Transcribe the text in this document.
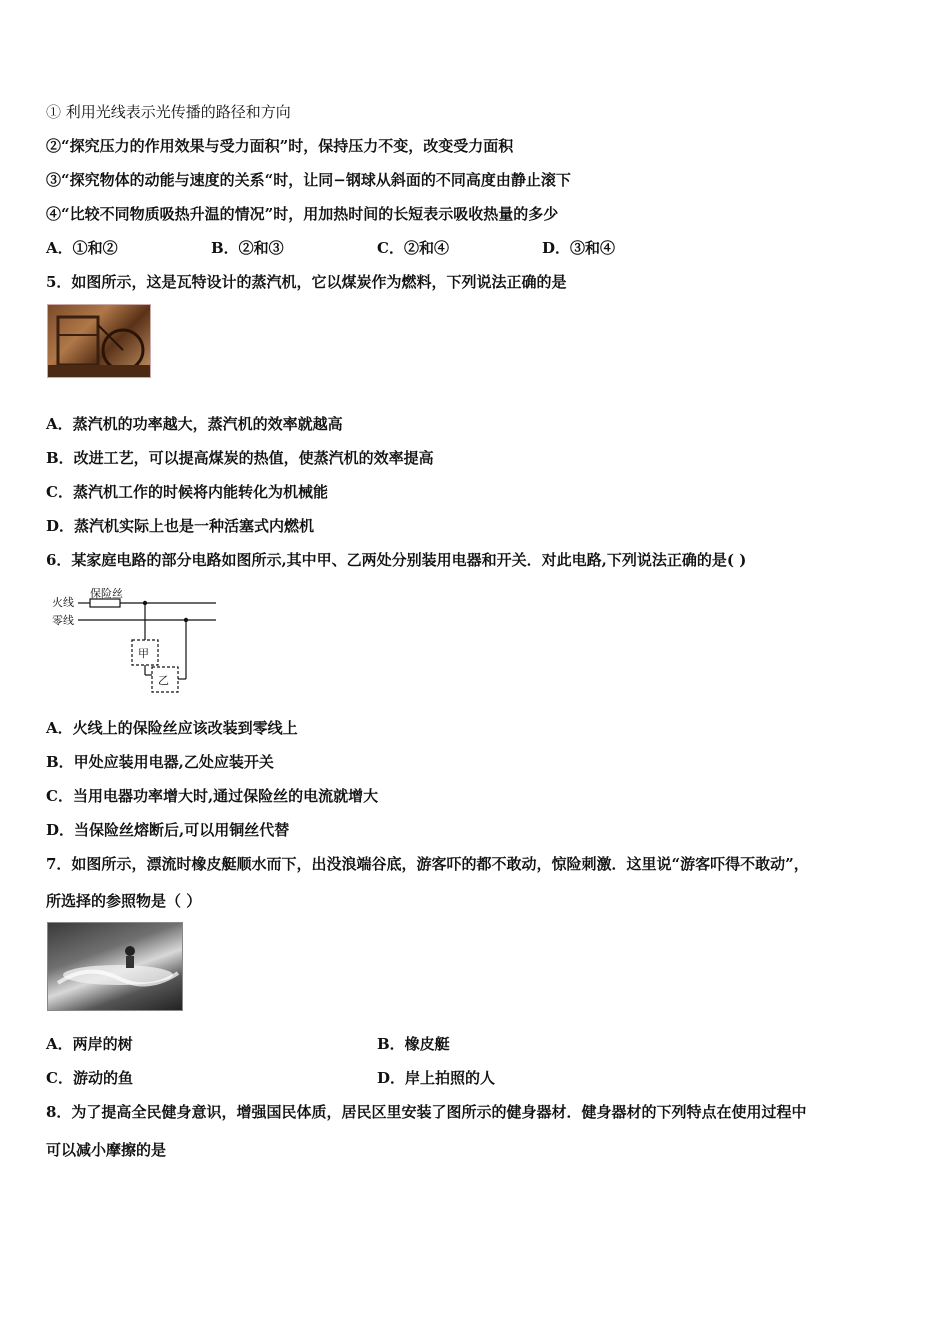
① 利用光线表示光传播的路径和方向
②“探究压力的作用效果与受力面积”时，保持压力不变，改变受力面积
③“探究物体的动能与速度的关系“时，让同−钢球从斜面的不同高度由静止滚下
④“比较不同物质吸热升温的情况”时，用加热时间的长短表示吸收热量的多少
A．①和②	B．②和③	C．②和④	D．③和④
5．如图所示，这是瓦特设计的蒸汽机，它以煤炭作为燃料，下列说法正确的是
A．蒸汽机的功率越大，蒸汽机的效率就越高
B．改进工艺，可以提高煤炭的热值，使蒸汽机的效率提高
C．蒸汽机工作的时候将内能转化为机械能
D．蒸汽机实际上也是一种活塞式内燃机
6．某家庭电路的部分电路如图所示,其中甲、乙两处分别装用电器和开关．对此电路,下列说法正确的是( )
火线
零线
保险丝
甲
乙
A．火线上的保险丝应该改装到零线上
B．甲处应装用电器,乙处应装开关
C．当用电器功率增大时,通过保险丝的电流就增大
D．当保险丝熔断后,可以用铜丝代替
7．如图所示，漂流时橡皮艇顺水而下，出没浪端谷底，游客吓的都不敢动，惊险刺激．这里说“游客吓得不敢动”，
所选择的参照物是（ ）
A．两岸的树	B．橡皮艇
C．游动的鱼	D．岸上拍照的人
8．为了提高全民健身意识，增强国民体质，居民区里安装了图所示的健身器材．健身器材的下列特点在使用过程中
可以减小摩擦的是
